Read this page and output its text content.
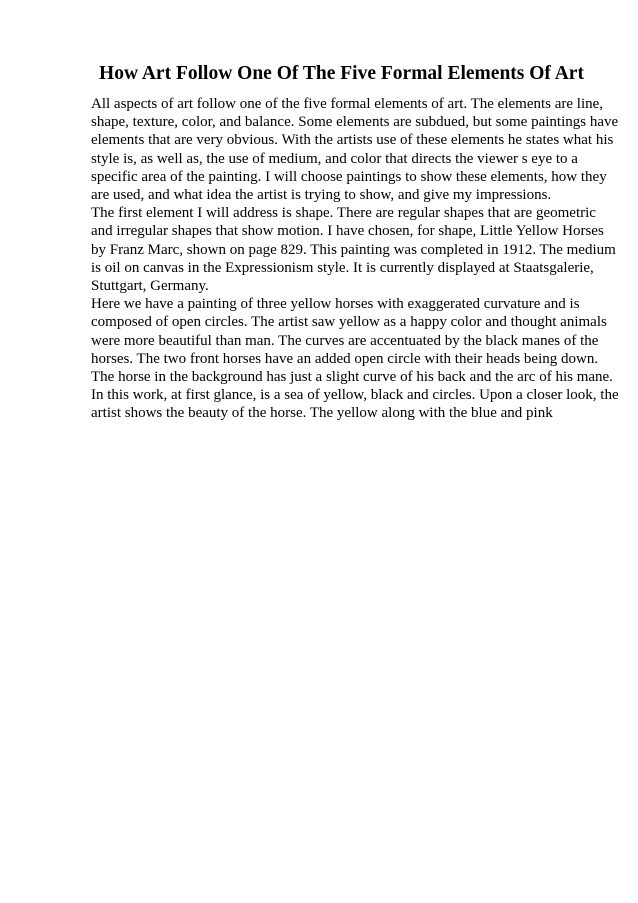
How Art Follow One Of The Five Formal Elements Of Art

All aspects of art follow one of the five formal elements of art. The elements are line, shape, texture, color, and balance. Some elements are subdued, but some paintings have elements that are very obvious. With the artists use of these elements he states what his style is, as well as, the use of medium, and color that directs the viewer s eye to a specific area of the painting. I will choose paintings to show these elements, how they are used, and what idea the artist is trying to show, and give my impressions.

The first element I will address is shape. There are regular shapes that are geometric and irregular shapes that show motion. I have chosen, for shape, Little Yellow Horses by Franz Marc, shown on page 829. This painting was completed in 1912. The medium is oil on canvas in the Expressionism style. It is currently displayed at Staatsgalerie, Stuttgart, Germany.

Here we have a painting of three yellow horses with exaggerated curvature and is composed of open circles. The artist saw yellow as a happy color and thought animals were more beautiful than man. The curves are accentuated by the black manes of the horses. The two front horses have an added open circle with their heads being down. The horse in the background has just a slight curve of his back and the arc of his mane. In this work, at first glance, is a sea of yellow, black and circles. Upon a closer look, the artist shows the beauty of the horse. The yellow along with the blue and pink
